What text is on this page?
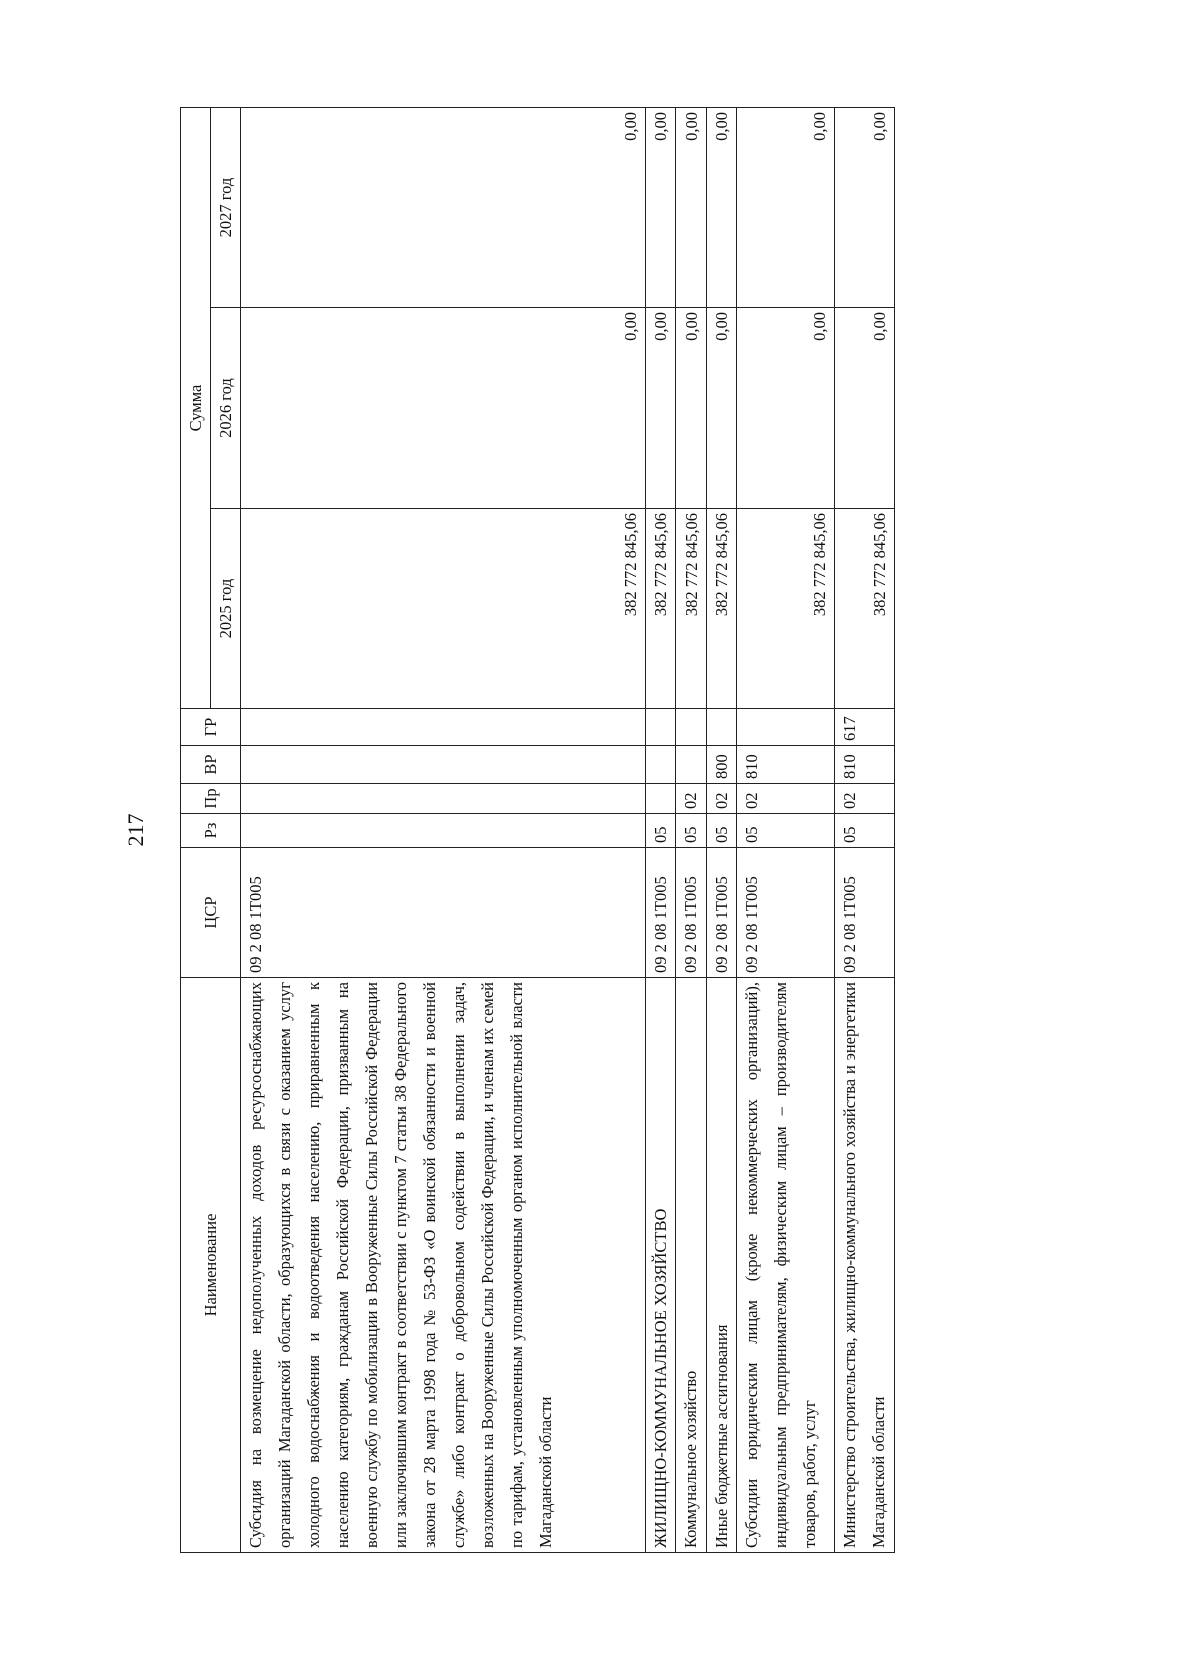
217
Наименование	ЦСР	Рз	Пр	ВР	ГР	Сумма		
						2025 год	2026 год	2027 год
Субсидия на возмещение недополученных доходов ресурсоснабжающих организаций Магаданской области, образующихся в связи с оказанием услуг холодного водоснабжения и водоотведения населению, приравненным к населению категориям, гражданам Российской Федерации, призванным на военную службу по мобилизации в Вооруженные Силы Российской Федерации или заключившим контракт в соответствии с пунктом 7 статьи 38 Федерального закона от 28 марта 1998 года № 53-ФЗ «О воинской обязанности и военной службе» либо контракт о добровольном содействии в выполнении задач, возложенных на Вооруженные Силы Российской Федерации, и членам их семей по тарифам, установленным уполномоченным органом исполнительной власти Магаданской области	09 2 08 1Т005					382 772 845,06	0,00	0,00
ЖИЛИЩНО-КОММУНАЛЬНОЕ ХОЗЯЙСТВО	09 2 08 1Т005	05				382 772 845,06	0,00	0,00
Коммунальное хозяйство	09 2 08 1Т005	05	02			382 772 845,06	0,00	0,00
Иные бюджетные ассигнования	09 2 08 1Т005	05	02	800		382 772 845,06	0,00	0,00
Субсидии юридическим лицам (кроме некоммерческих организаций), индивидуальным предпринимателям, физическим лицам – производителям товаров, работ, услуг	09 2 08 1Т005	05	02	810		382 772 845,06	0,00	0,00
Министерство строительства, жилищно-коммунального хозяйства и энергетики Магаданской области	09 2 08 1Т005	05	02	810	617	382 772 845,06	0,00	0,00
